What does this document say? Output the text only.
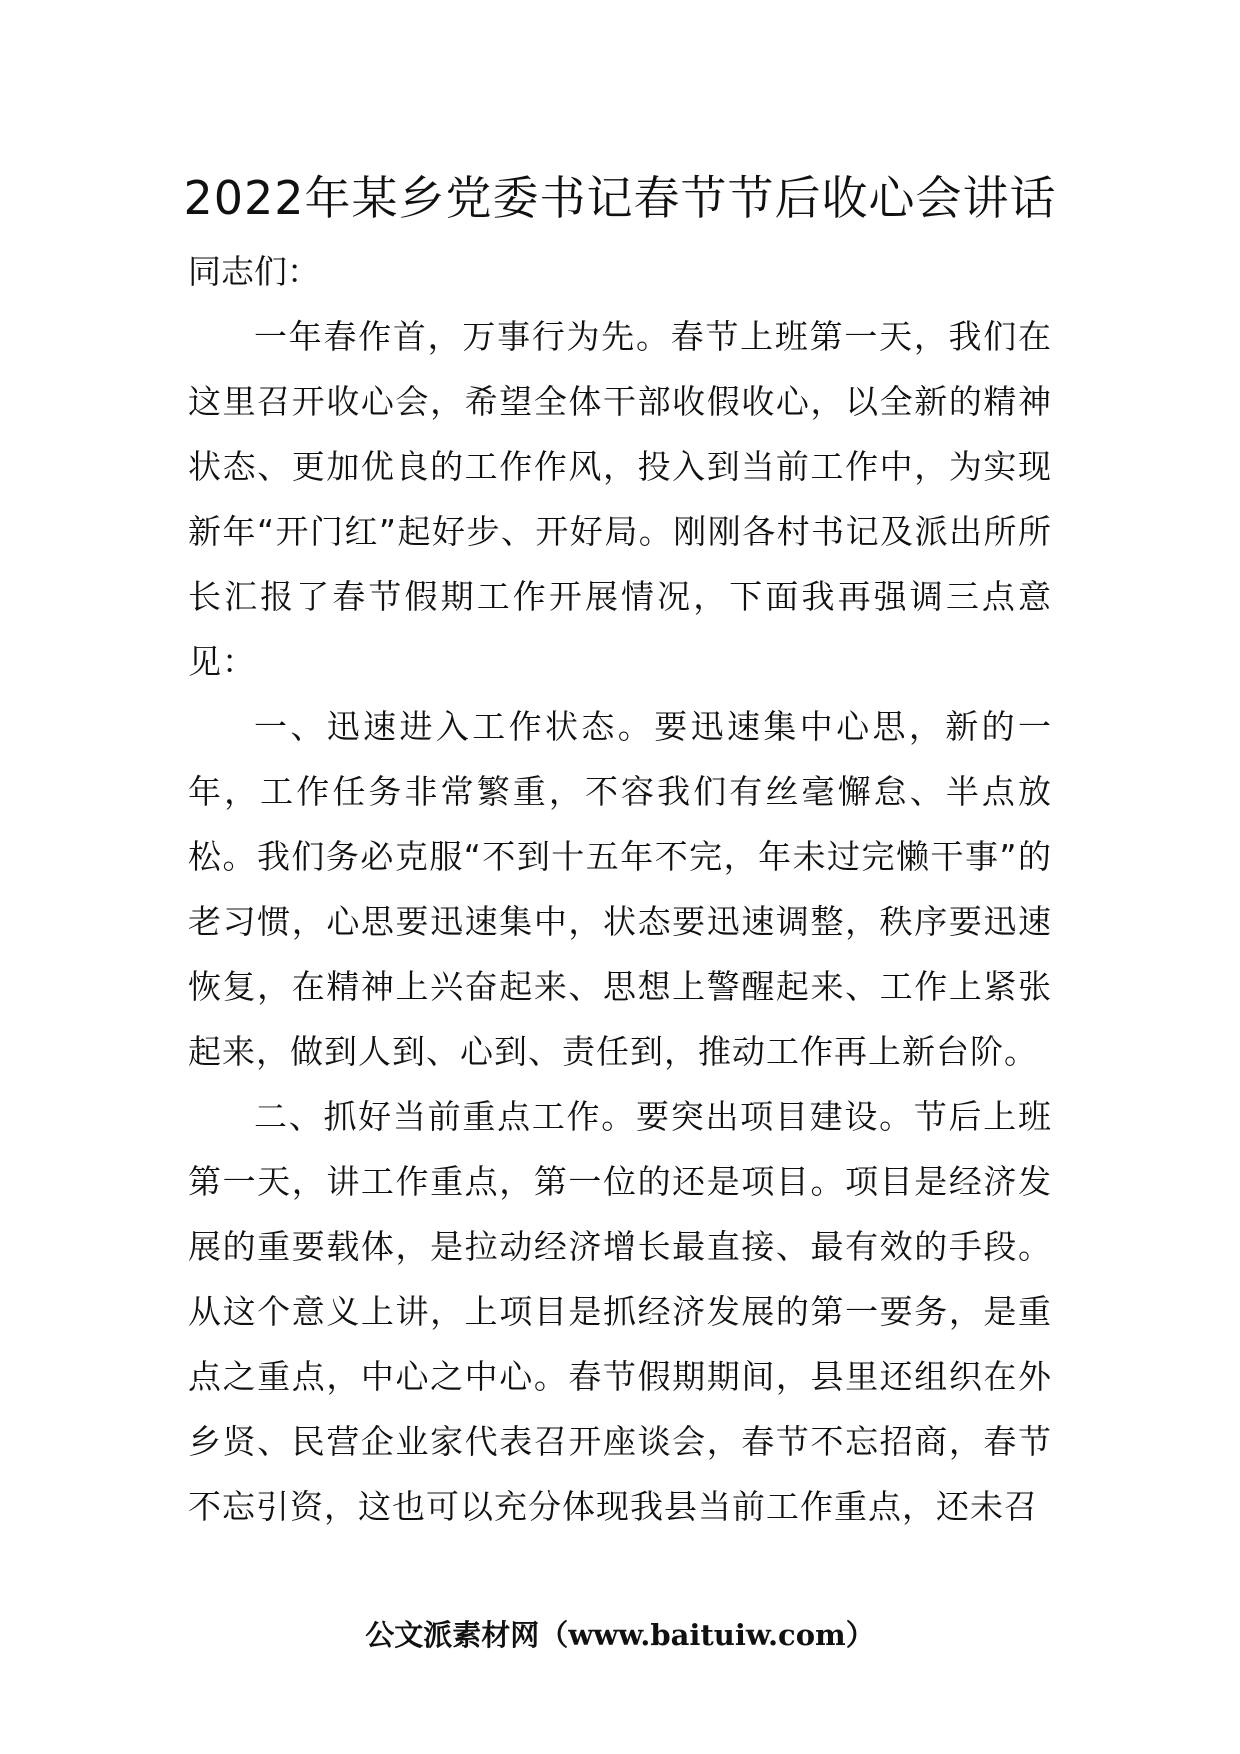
2022年某乡党委书记春节节后收心会讲话

同志们：

一年春作首，万事行为先。春节上班第一天，我们在这里召开收心会，希望全体干部收假收心，以全新的精神状态、更加优良的工作作风，投入到当前工作中，为实现新年“开门红”起好步、开好局。刚刚各村书记及派出所所长汇报了春节假期工作开展情况，下面我再强调三点意见：

一、迅速进入工作状态。要迅速集中心思，新的一年，工作任务非常繁重，不容我们有丝毫懈怠、半点放松。我们务必克服“不到十五年不完，年未过完懒干事”的老习惯，心思要迅速集中，状态要迅速调整，秩序要迅速恢复，在精神上兴奋起来、思想上警醒起来、工作上紧张起来，做到人到、心到、责任到，推动工作再上新台阶。

二、抓好当前重点工作。要突出项目建设。节后上班第一天，讲工作重点，第一位的还是项目。项目是经济发展的重要载体，是拉动经济增长最直接、最有效的手段。从这个意义上讲，上项目是抓经济发展的第一要务，是重点之重点，中心之中心。春节假期期间，县里还组织在外乡贤、民营企业家代表召开座谈会，春节不忘招商，春节不忘引资，这也可以充分体现我县当前工作重点，还未召

公文派素材网（www.baituiw.com）
